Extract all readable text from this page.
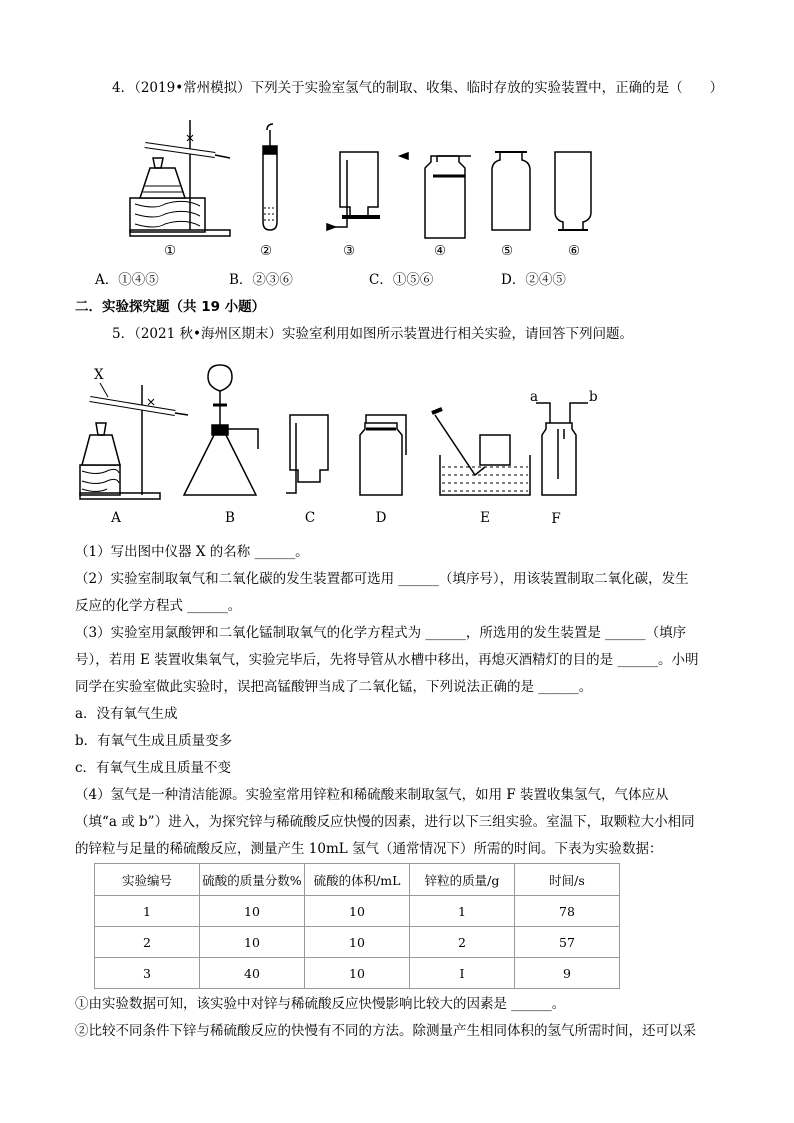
4．（2019•常州模拟）下列关于实验室氢气的制取、收集、临时存放的实验装置中，正确的是（　　）
①	②	③	④	⑤	⑥
A．①④⑤	B．②③⑥	C．①⑤⑥	D．②④⑤
二．实验探究题（共 19 小题）
5．（2021 秋•海州区期末）实验室利用如图所示装置进行相关实验，请回答下列问题。
X
a	b
A	B	C	D	E	F
（1）写出图中仪器 X 的名称 ______。
（2）实验室制取氧气和二氧化碳的发生装置都可选用 ______（填序号），用该装置制取二氧化碳，发生
反应的化学方程式 ______。
（3）实验室用氯酸钾和二氧化锰制取氧气的化学方程式为 ______，所选用的发生装置是 ______（填序
号），若用 E 装置收集氧气，实验完毕后，先将导管从水槽中移出，再熄灭酒精灯的目的是 ______。小明
同学在实验室做此实验时，误把高锰酸钾当成了二氧化锰，下列说法正确的是 ______。
a．没有氧气生成
b．有氧气生成且质量变多
c．有氧气生成且质量不变
（4）氢气是一种清洁能源。实验室常用锌粒和稀硫酸来制取氢气，如用 F 装置收集氢气，气体应从
（填“a 或 b”）进入，为探究锌与稀硫酸反应快慢的因素，进行以下三组实验。室温下，取颗粒大小相同
的锌粒与足量的稀硫酸反应，测量产生 10mL 氢气（通常情况下）所需的时间。下表为实验数据：
实验编号	硫酸的质量分数%	硫酸的体积/mL	锌粒的质量/g	时间/s
1	10	10	1	78
2	10	10	2	57
3	40	10	I	9
①由实验数据可知，该实验中对锌与稀硫酸反应快慢影响比较大的因素是 ______。
②比较不同条件下锌与稀硫酸反应的快慢有不同的方法。除测量产生相同体积的氢气所需时间，还可以采
